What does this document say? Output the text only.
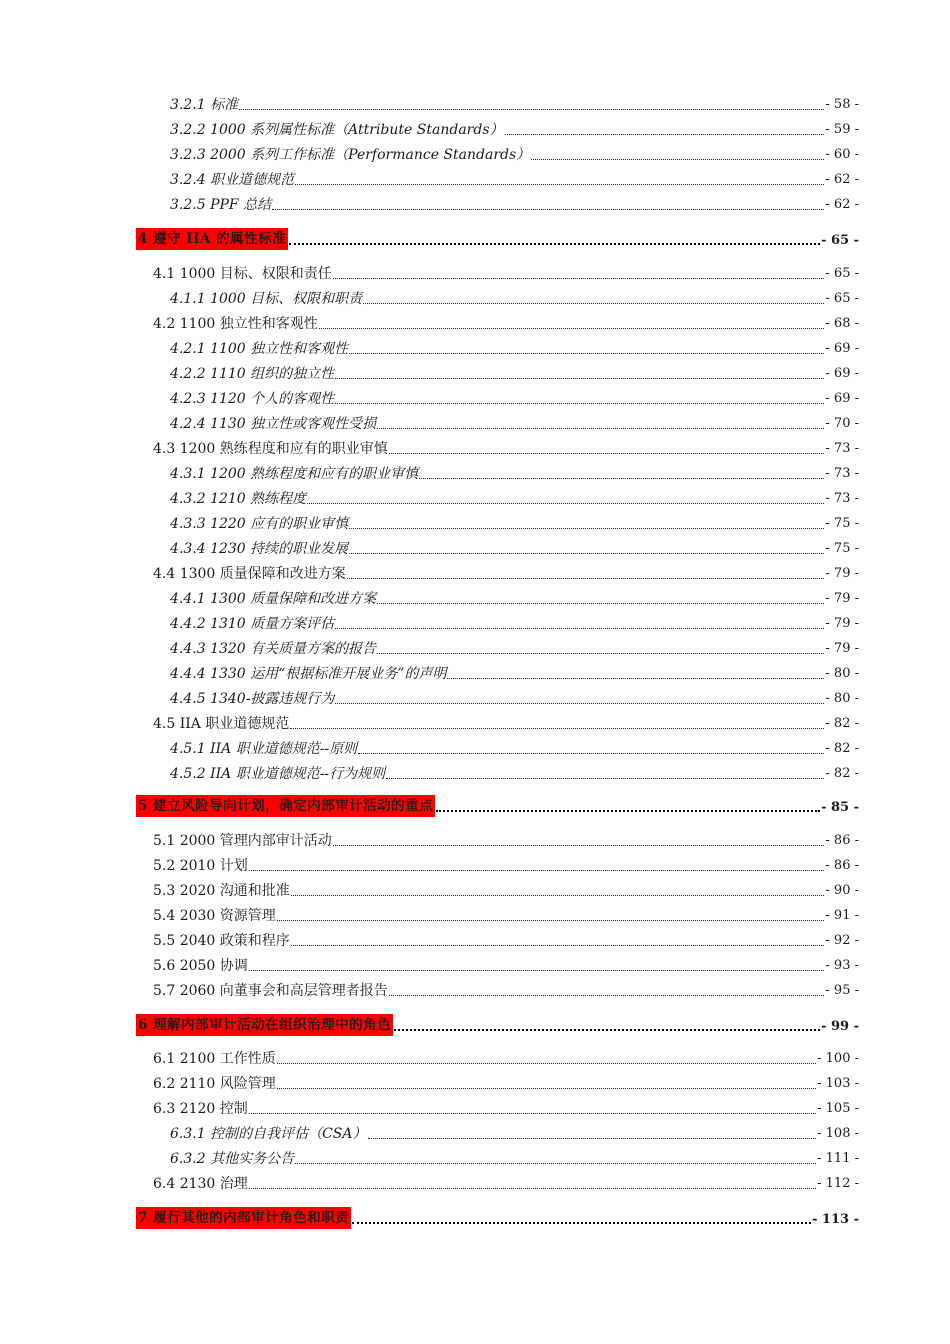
3.2.1 标准	- 58 -
3.2.2 1000 系列属性标准（Attribute Standards）	- 59 -
3.2.3 2000 系列工作标准（Performance Standards）	- 60 -
3.2.4 职业道德规范	- 62 -
3.2.5 PPF 总结	- 62 -
4 遵守 IIA 的属性标准	- 65 -
4.1 1000 目标、权限和责任	- 65 -
4.1.1 1000 目标、权限和职责	- 65 -
4.2 1100 独立性和客观性	- 68 -
4.2.1 1100 独立性和客观性	- 69 -
4.2.2 1110 组织的独立性	- 69 -
4.2.3 1120 个人的客观性	- 69 -
4.2.4 1130 独立性或客观性受损	- 70 -
4.3 1200 熟练程度和应有的职业审慎	- 73 -
4.3.1 1200 熟练程度和应有的职业审慎	- 73 -
4.3.2 1210 熟练程度	- 73 -
4.3.3 1220 应有的职业审慎	- 75 -
4.3.4 1230 持续的职业发展	- 75 -
4.4 1300 质量保障和改进方案	- 79 -
4.4.1 1300 质量保障和改进方案	- 79 -
4.4.2 1310 质量方案评估	- 79 -
4.4.3 1320 有关质量方案的报告	- 79 -
4.4.4 1330 运用“根据标准开展业务”的声明	- 80 -
4.4.5 1340-披露违规行为	- 80 -
4.5 IIA 职业道德规范	- 82 -
4.5.1 IIA 职业道德规范--原则	- 82 -
4.5.2 IIA 职业道德规范--行为规则	- 82 -
5 建立风险导向计划，确定内部审计活动的重点	- 85 -
5.1 2000 管理内部审计活动	- 86 -
5.2 2010 计划	- 86 -
5.3 2020 沟通和批准	- 90 -
5.4 2030 资源管理	- 91 -
5.5 2040 政策和程序	- 92 -
5.6 2050 协调	- 93 -
5.7 2060 向董事会和高层管理者报告	- 95 -
6 理解内部审计活动在组织治理中的角色	- 99 -
6.1 2100 工作性质	- 100 -
6.2 2110 风险管理	- 103 -
6.3 2120 控制	- 105 -
6.3.1 控制的自我评估（CSA）	- 108 -
6.3.2 其他实务公告	- 111 -
6.4 2130 治理	- 112 -
7 履行其他的内部审计角色和职责	- 113 -
